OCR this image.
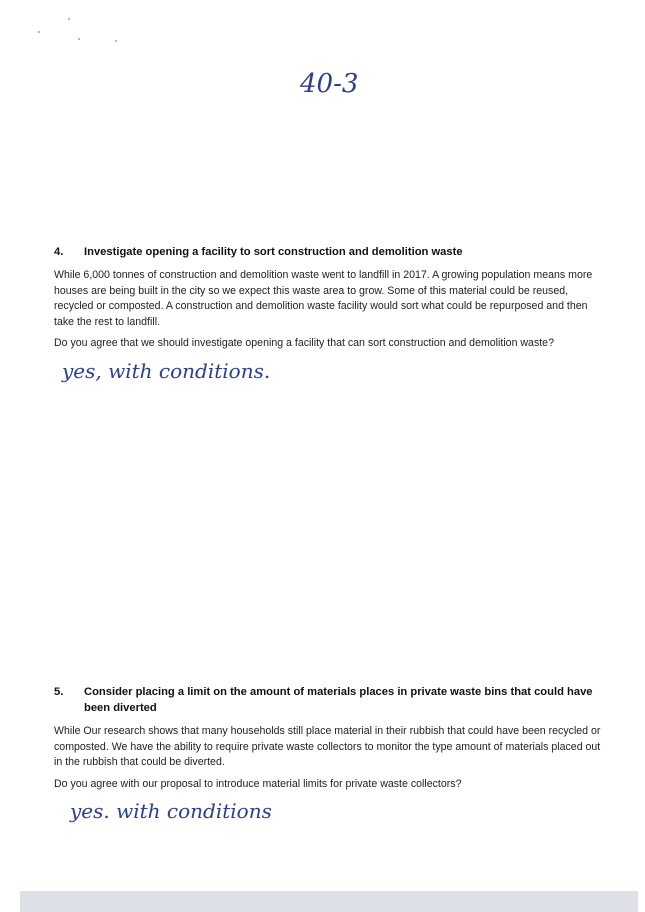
40-3
4.	Investigate opening a facility to sort construction and demolition waste

While 6,000 tonnes of construction and demolition waste went to landfill in 2017. A growing population means more houses are being built in the city so we expect this waste area to grow. Some of this material could be reused, recycled or composted. A construction and demolition waste facility would sort what could be repurposed and then take the rest to landfill.

Do you agree that we should investigate opening a facility that can sort construction and demolition waste?

yes, with conditions.
5.	Consider placing a limit on the amount of materials places in private waste bins that could have been diverted

While Our research shows that many households still place material in their rubbish that could have been recycled or composted. We have the ability to require private waste collectors to monitor the type amount of materials placed out in the rubbish that could be diverted.

Do you agree with our proposal to introduce material limits for private waste collectors?

yes. with conditions
